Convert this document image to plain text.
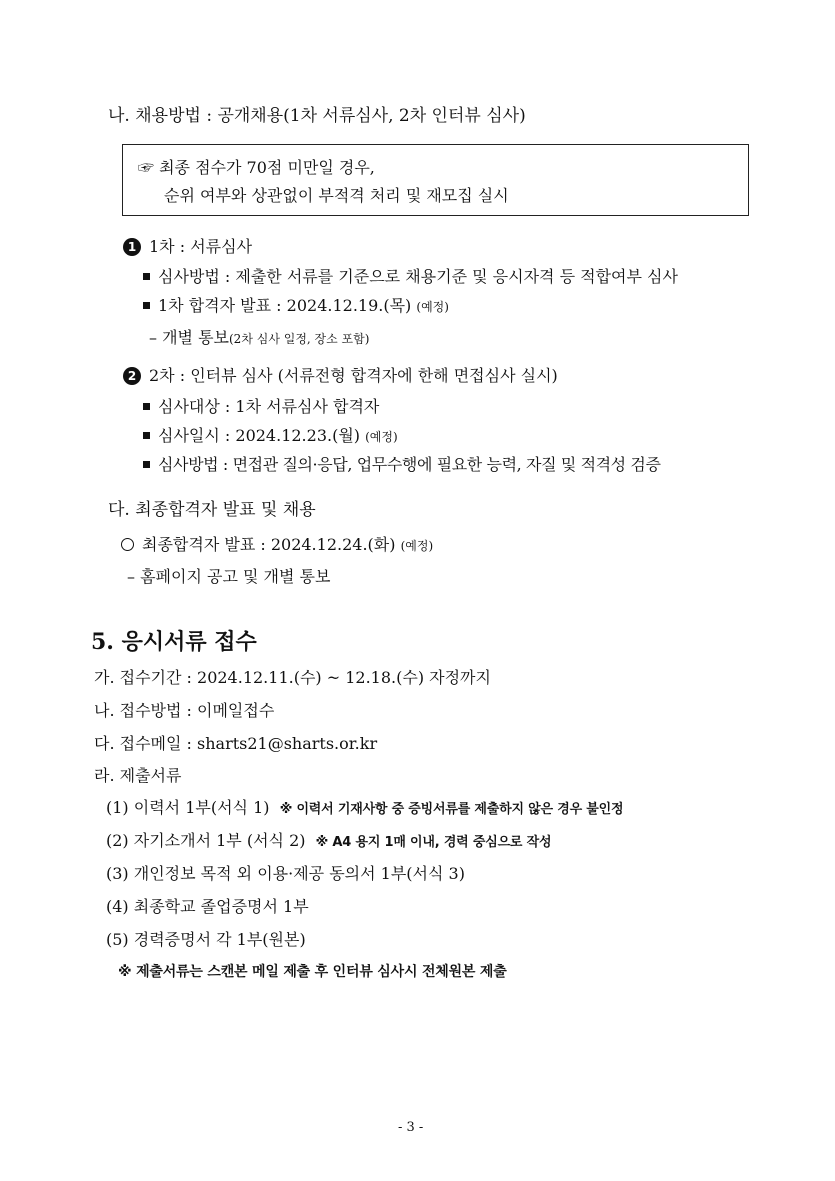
나. 채용방법 : 공개채용(1차 서류심사, 2차 인터뷰 심사)
☞ 최종 점수가 70점 미만일 경우,
순위 여부와 상관없이 부적격 처리 및 재모집 실시
1 1차 : 서류심사
심사방법 : 제출한 서류를 기준으로 채용기준 및 응시자격 등 적합여부 심사
1차 합격자 발표 : 2024.12.19.(목) (예정)
– 개별 통보(2차 심사 일정, 장소 포함)
2 2차 : 인터뷰 심사 (서류전형 합격자에 한해 면접심사 실시)
심사대상 : 1차 서류심사 합격자
심사일시 : 2024.12.23.(월) (예정)
심사방법 : 면접관 질의·응답, 업무수행에 필요한 능력, 자질 및 적격성 검증
다. 최종합격자 발표 및 채용
최종합격자 발표 : 2024.12.24.(화) (예정)
– 홈페이지 공고 및 개별 통보
5. 응시서류 접수
가. 접수기간 : 2024.12.11.(수) ~ 12.18.(수) 자정까지
나. 접수방법 : 이메일접수
다. 접수메일 : sharts21@sharts.or.kr
라. 제출서류
(1) 이력서 1부(서식 1) ※ 이력서 기재사항 중 증빙서류를 제출하지 않은 경우 불인정
(2) 자기소개서 1부 (서식 2) ※ A4 용지 1매 이내, 경력 중심으로 작성
(3) 개인정보 목적 외 이용·제공 동의서 1부(서식 3)
(4) 최종학교 졸업증명서 1부
(5) 경력증명서 각 1부(원본)
※ 제출서류는 스캔본 메일 제출 후 인터뷰 심사시 전체원본 제출
- 3 -
